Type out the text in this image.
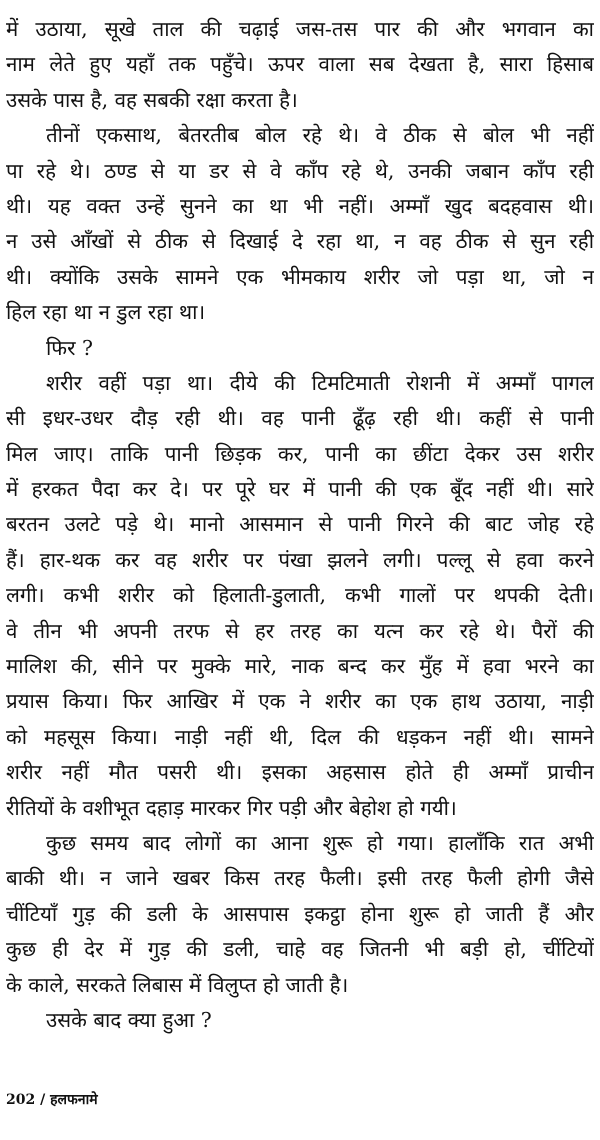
में उठाया, सूखे ताल की चढ़ाई जस-तस पार की और भगवान का
नाम लेते हुए यहाँ तक पहुँचे। ऊपर वाला सब देखता है, सारा हिसाब
उसके पास है, वह सबकी रक्षा करता है।
तीनों एकसाथ, बेतरतीब बोल रहे थे। वे ठीक से बोल भी नहीं
पा रहे थे। ठण्ड से या डर से वे काँप रहे थे, उनकी जबान काँप रही
थी। यह वक्त उन्हें सुनने का था भी नहीं। अम्माँ खुद बदहवास थी।
न उसे आँखों से ठीक से दिखाई दे रहा था, न वह ठीक से सुन रही
थी। क्योंकि उसके सामने एक भीमकाय शरीर जो पड़ा था, जो न
हिल रहा था न डुल रहा था।
फिर ?
शरीर वहीं पड़ा था। दीये की टिमटिमाती रोशनी में अम्माँ पागल
सी इधर-उधर दौड़ रही थी। वह पानी ढूँढ़ रही थी। कहीं से पानी
मिल जाए। ताकि पानी छिड़क कर, पानी का छींटा देकर उस शरीर
में हरकत पैदा कर दे। पर पूरे घर में पानी की एक बूँद नहीं थी। सारे
बरतन उलटे पड़े थे। मानो आसमान से पानी गिरने की बाट जोह रहे
हैं। हार-थक कर वह शरीर पर पंखा झलने लगी। पल्लू से हवा करने
लगी। कभी शरीर को हिलाती-डुलाती, कभी गालों पर थपकी देती।
वे तीन भी अपनी तरफ से हर तरह का यत्न कर रहे थे। पैरों की
मालिश की, सीने पर मुक्के मारे, नाक बन्द कर मुँह में हवा भरने का
प्रयास किया। फिर आखिर में एक ने शरीर का एक हाथ उठाया, नाड़ी
को महसूस किया। नाड़ी नहीं थी, दिल की धड़कन नहीं थी। सामने
शरीर नहीं मौत पसरी थी। इसका अहसास होते ही अम्माँ प्राचीन
रीतियों के वशीभूत दहाड़ मारकर गिर पड़ी और बेहोश हो गयी।
कुछ समय बाद लोगों का आना शुरू हो गया। हालाँकि रात अभी
बाकी थी। न जाने खबर किस तरह फैली। इसी तरह फैली होगी जैसे
चींटियाँ गुड़ की डली के आसपास इकट्ठा होना शुरू हो जाती हैं और
कुछ ही देर में गुड़ की डली, चाहे वह जितनी भी बड़ी हो, चींटियों
के काले, सरकते लिबास में विलुप्त हो जाती है।
उसके बाद क्या हुआ ?
202 / हलफनामे
